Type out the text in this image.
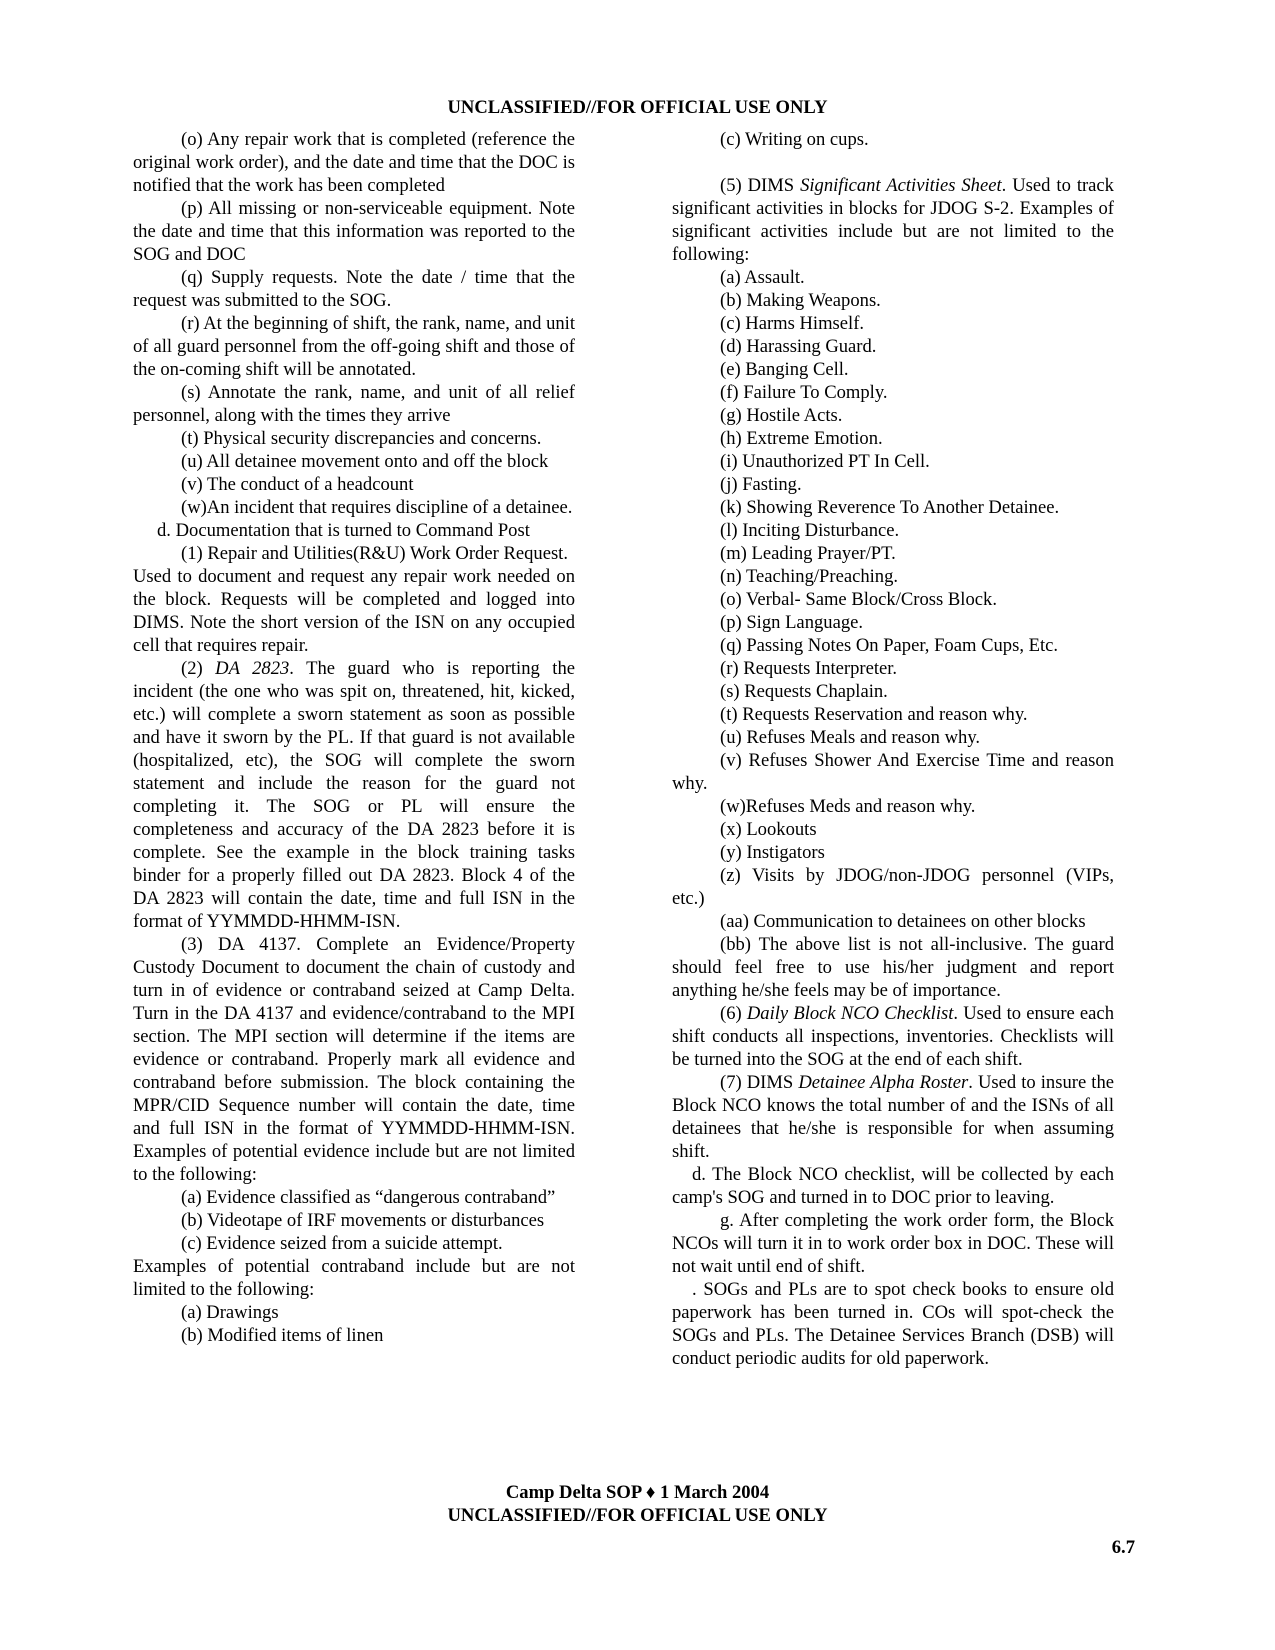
UNCLASSIFIED//FOR OFFICIAL USE ONLY

(o) Any repair work that is completed (reference the original work order), and the date and time that the DOC is notified that the work has been completed

(p) All missing or non-serviceable equipment. Note the date and time that this information was reported to the SOG and DOC

(q) Supply requests. Note the date / time that the request was submitted to the SOG.

(r) At the beginning of shift, the rank, name, and unit of all guard personnel from the off-going shift and those of the on-coming shift will be annotated.

(s) Annotate the rank, name, and unit of all relief personnel, along with the times they arrive

(t) Physical security discrepancies and concerns.

(u) All detainee movement onto and off the block

(v) The conduct of a headcount

(w)An incident that requires discipline of a detainee.

d. Documentation that is turned to Command Post

(1) Repair and Utilities(R&U) Work Order Request.

Used to document and request any repair work needed on the block. Requests will be completed and logged into DIMS. Note the short version of the ISN on any occupied cell that requires repair.

(2) DA 2823. The guard who is reporting the incident (the one who was spit on, threatened, hit, kicked, etc.) will complete a sworn statement as soon as possible and have it sworn by the PL. If that guard is not available (hospitalized, etc), the SOG will complete the sworn statement and include the reason for the guard not completing it. The SOG or PL will ensure the completeness and accuracy of the DA 2823 before it is complete. See the example in the block training tasks binder for a properly filled out DA 2823. Block 4 of the DA 2823 will contain the date, time and full ISN in the format of YYMMDD-HHMM-ISN.

(3) DA 4137. Complete an Evidence/Property Custody Document to document the chain of custody and turn in of evidence or contraband seized at Camp Delta. Turn in the DA 4137 and evidence/contraband to the MPI section. The MPI section will determine if the items are evidence or contraband. Properly mark all evidence and contraband before submission. The block containing the MPR/CID Sequence number will contain the date, time and full ISN in the format of YYMMDD-HHMM-ISN. Examples of potential evidence include but are not limited to the following:

(a) Evidence classified as “dangerous contraband”

(b) Videotape of IRF movements or disturbances

(c) Evidence seized from a suicide attempt.

Examples of potential contraband include but are not limited to the following:

(a) Drawings

(b) Modified items of linen

(c) Writing on cups.

(5) DIMS Significant Activities Sheet. Used to track significant activities in blocks for JDOG S-2. Examples of significant activities include but are not limited to the following:

(a) Assault.

(b) Making Weapons.

(c) Harms Himself.

(d) Harassing Guard.

(e) Banging Cell.

(f) Failure To Comply.

(g) Hostile Acts.

(h) Extreme Emotion.

(i) Unauthorized PT In Cell.

(j) Fasting.

(k) Showing Reverence To Another Detainee.

(l) Inciting Disturbance.

(m) Leading Prayer/PT.

(n) Teaching/Preaching.

(o) Verbal- Same Block/Cross Block.

(p) Sign Language.

(q) Passing Notes On Paper, Foam Cups, Etc.

(r) Requests Interpreter.

(s) Requests Chaplain.

(t) Requests Reservation and reason why.

(u) Refuses Meals and reason why.

(v) Refuses Shower And Exercise Time and reason why.

(w)Refuses Meds and reason why.

(x) Lookouts

(y) Instigators

(z) Visits by JDOG/non-JDOG personnel (VIPs, etc.)

(aa) Communication to detainees on other blocks

(bb) The above list is not all-inclusive. The guard should feel free to use his/her judgment and report anything he/she feels may be of importance.

(6) Daily Block NCO Checklist. Used to ensure each shift conducts all inspections, inventories. Checklists will be turned into the SOG at the end of each shift.

(7) DIMS Detainee Alpha Roster. Used to insure the Block NCO knows the total number of and the ISNs of all detainees that he/she is responsible for when assuming shift.

d. The Block NCO checklist, will be collected by each camp's SOG and turned in to DOC prior to leaving.

g. After completing the work order form, the Block NCOs will turn it in to work order box in DOC. These will not wait until end of shift.

. SOGs and PLs are to spot check books to ensure old paperwork has been turned in. COs will spot-check the SOGs and PLs. The Detainee Services Branch (DSB) will conduct periodic audits for old paperwork.

Camp Delta SOP ♦ 1 March 2004
UNCLASSIFIED//FOR OFFICIAL USE ONLY
6.7
